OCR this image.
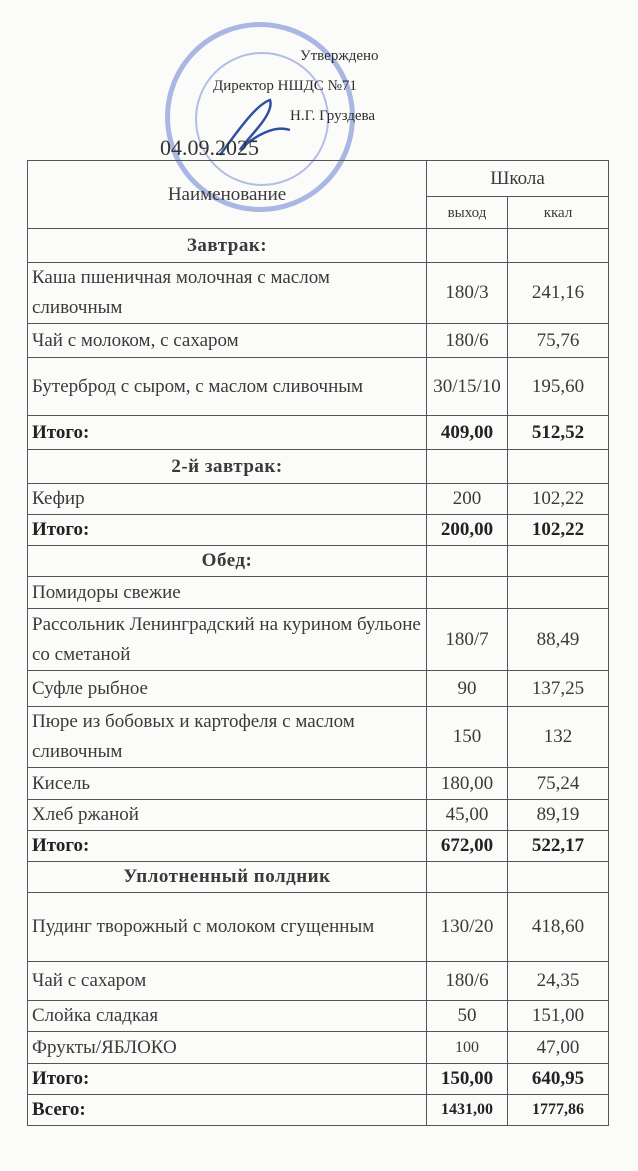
Утверждено
Директор НШДС №71
Н.Г. Груздева
04.09.2025
Наименование	Школа	
	выход	ккал
Завтрак:		
Каша пшеничная молочная с маслом сливочным	180/3	241,16
Чай с молоком, с сахаром	180/6	75,76
Бутерброд с сыром, с маслом сливочным	30/15/10	195,60
Итого:	409,00	512,52
2-й завтрак:		
Кефир	200	102,22
Итого:	200,00	102,22
Обед:		
Помидоры свежие		
Рассольник Ленинградский на курином бульоне со сметаной	180/7	88,49
Суфле рыбное	90	137,25
Пюре из бобовых и картофеля с маслом сливочным	150	132
Кисель	180,00	75,24
Хлеб ржаной	45,00	89,19
Итого:	672,00	522,17
Уплотненный полдник		
Пудинг творожный с молоком сгущенным	130/20	418,60
Чай с сахаром	180/6	24,35
Слойка сладкая	50	151,00
Фрукты/ЯБЛОКО	100	47,00
Итого:	150,00	640,95
Всего:	1431,00	1777,86
